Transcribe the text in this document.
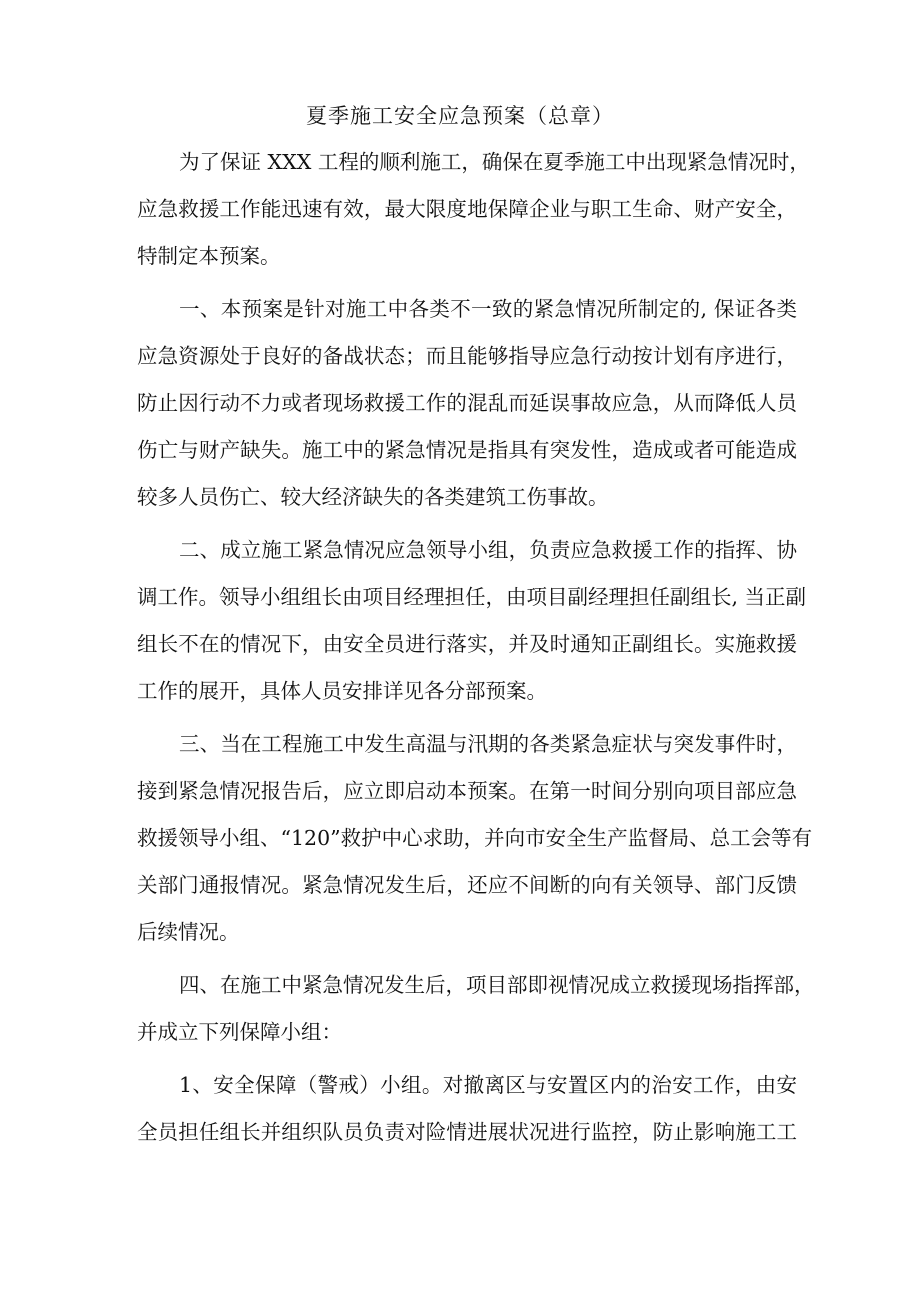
夏季施工安全应急预案（总章）
为了保证 XXX 工程的顺利施工，确保在夏季施工中出现紧急情况时，
应急救援工作能迅速有效，最大限度地保障企业与职工生命、财产安全，
特制定本预案。
一、本预案是针对施工中各类不一致的紧急情况所制定的, 保证各类
应急资源处于良好的备战状态；而且能够指导应急行动按计划有序进行，
防止因行动不力或者现场救援工作的混乱而延误事故应急，从而降低人员
伤亡与财产缺失。施工中的紧急情况是指具有突发性，造成或者可能造成
较多人员伤亡、较大经济缺失的各类建筑工伤事故。
二、成立施工紧急情况应急领导小组，负责应急救援工作的指挥、协
调工作。领导小组组长由项目经理担任，由项目副经理担任副组长, 当正副
组长不在的情况下，由安全员进行落实，并及时通知正副组长。实施救援
工作的展开，具体人员安排详见各分部预案。
三、当在工程施工中发生高温与汛期的各类紧急症状与突发事件时，
接到紧急情况报告后，应立即启动本预案。在第一时间分别向项目部应急
救援领导小组、“120”救护中心求助，并向市安全生产监督局、总工会等有
关部门通报情况。紧急情况发生后，还应不间断的向有关领导、部门反馈
后续情况。
四、在施工中紧急情况发生后，项目部即视情况成立救援现场指挥部，
并成立下列保障小组：
1、安全保障（警戒）小组。对撤离区与安置区内的治安工作，由安
全员担任组长并组织队员负责对险情进展状况进行监控，防止影响施工工
